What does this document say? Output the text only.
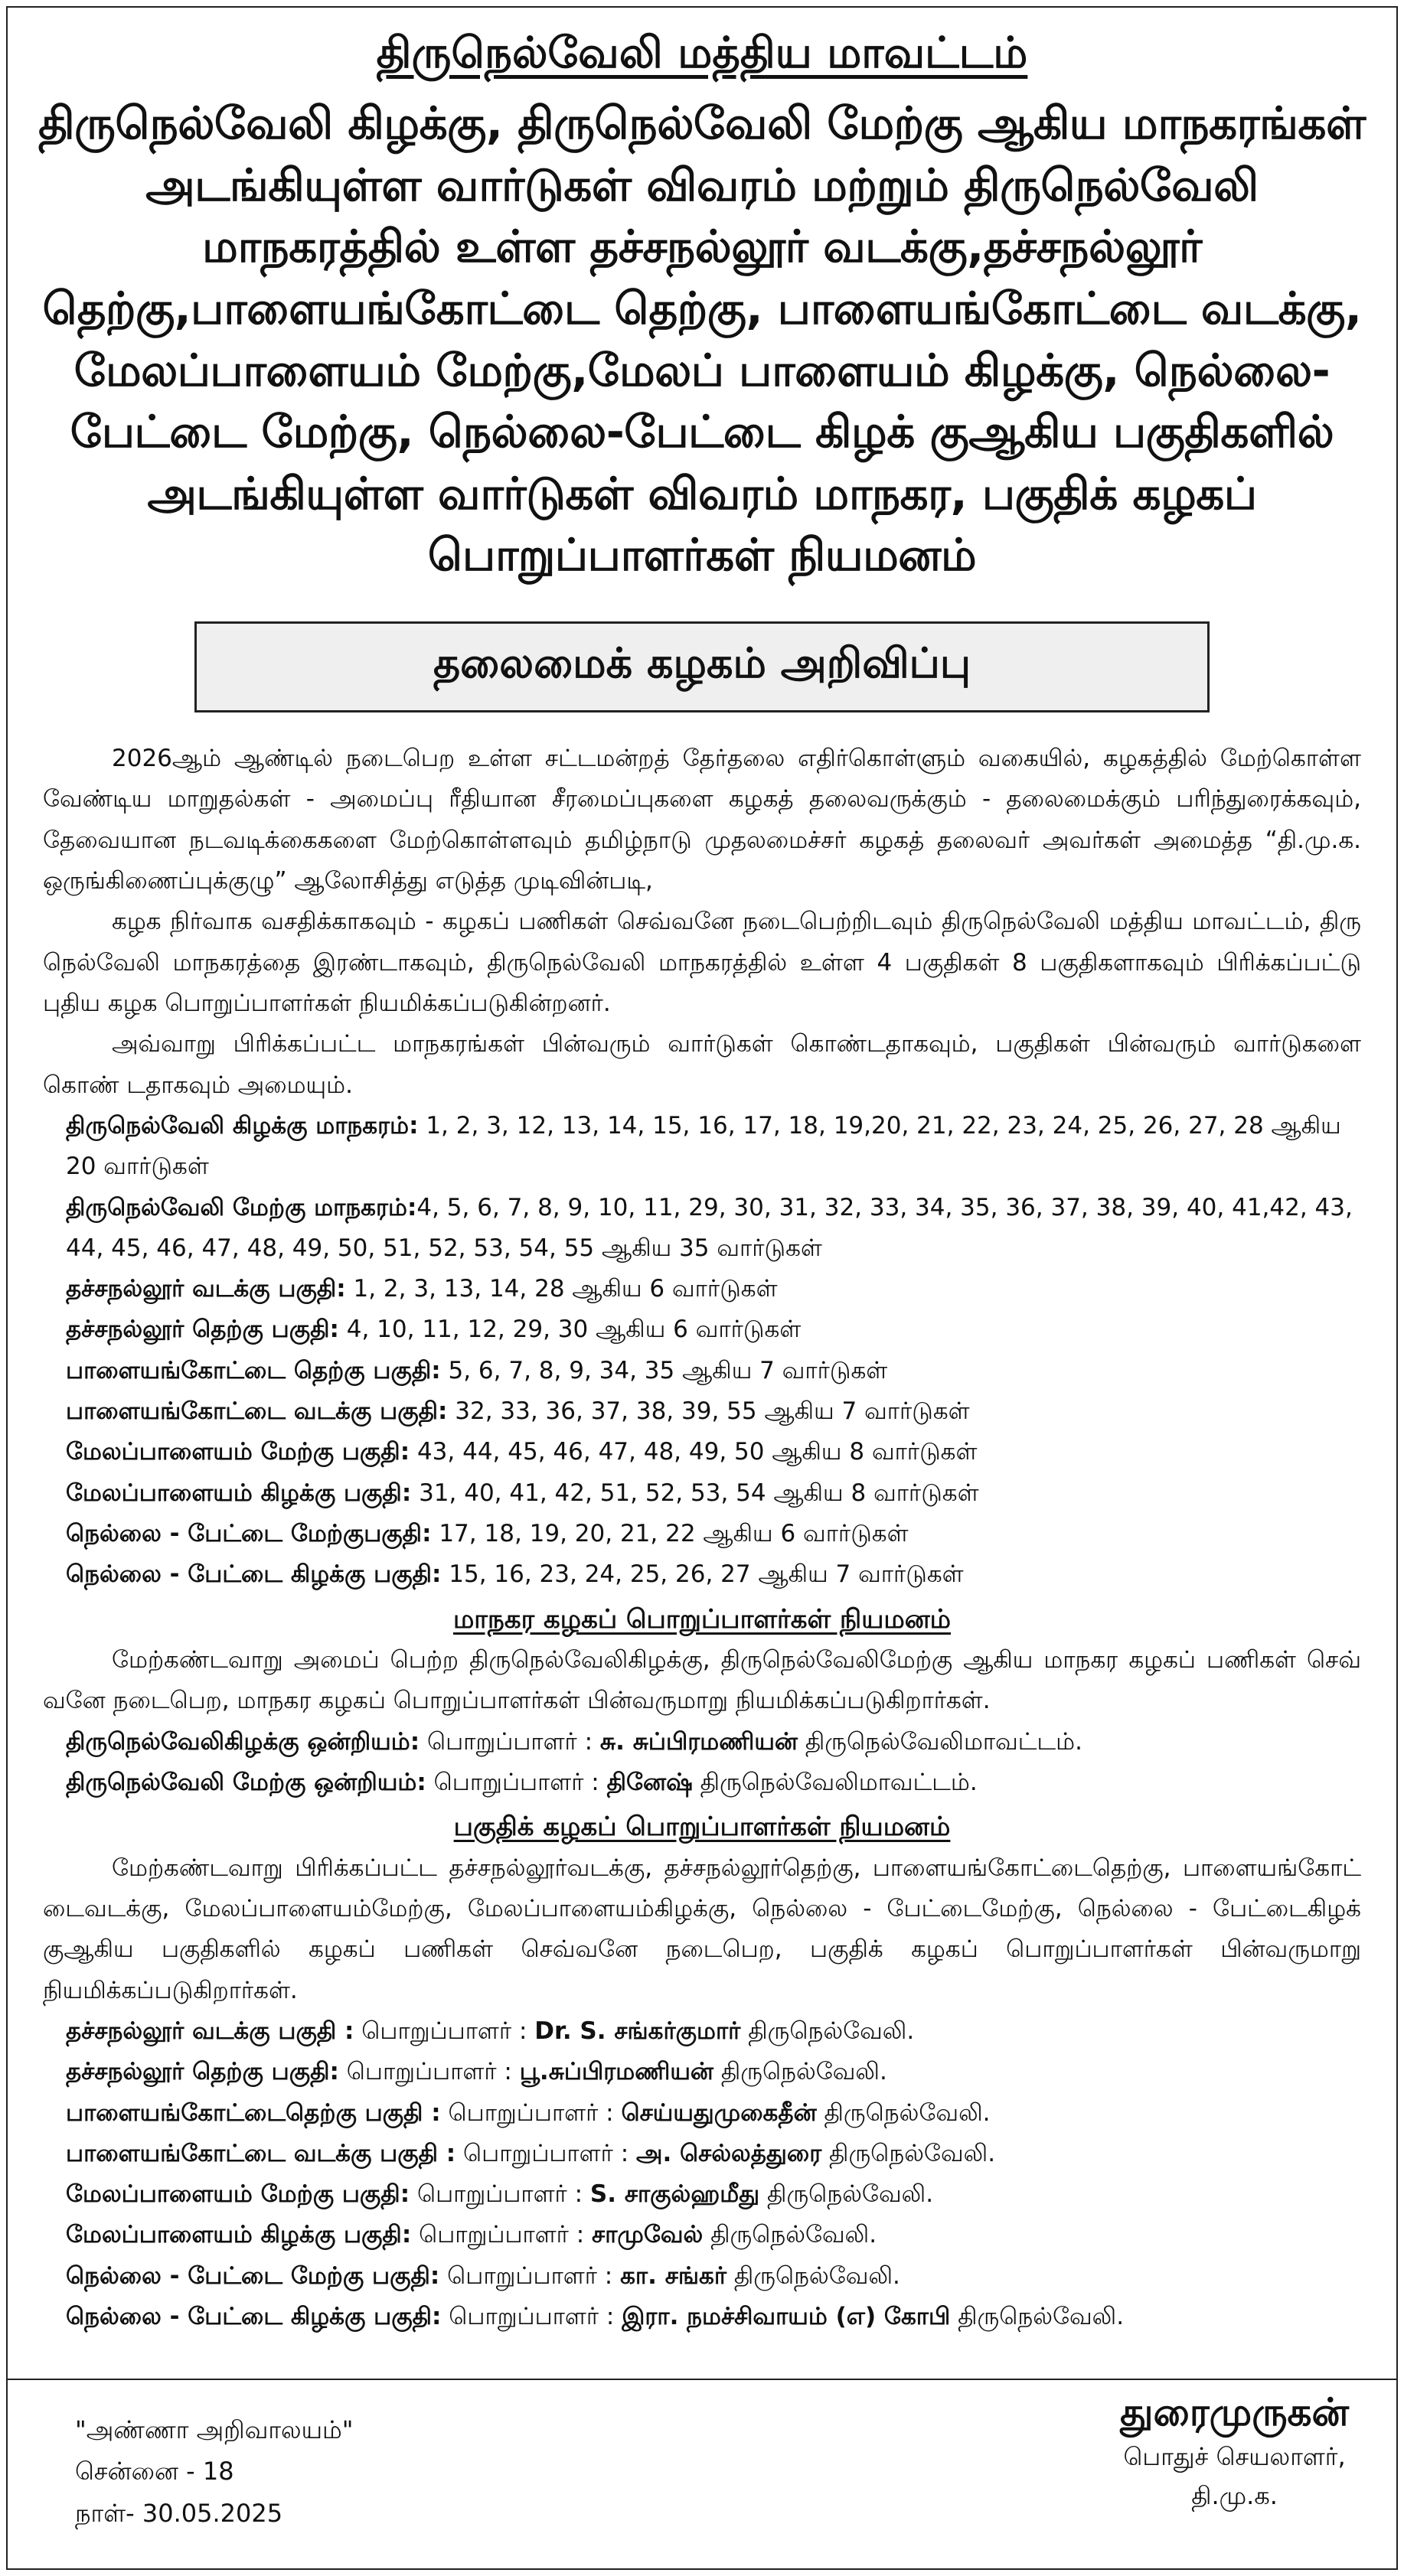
திருநெல்வேலி மத்திய மாவட்டம்
திருநெல்வேலி கிழக்கு, திருநெல்வேலி மேற்கு ஆகிய மாநகரங்கள் அடங்கியுள்ள வார்டுகள் விவரம் மற்றும் திருநெல்வேலி மாநகரத்தில் உள்ள தச்சநல்லூர் வடக்கு,தச்சநல்லூர் தெற்கு,பாளையங்கோட்டை தெற்கு, பாளையங்கோட்டை வடக்கு, மேலப்பாளையம் மேற்கு,மேலப் பாளையம் கிழக்கு, நெல்லை-பேட்டை மேற்கு, நெல்லை-பேட்டை கிழக் குஆகிய பகுதிகளில் அடங்கியுள்ள வார்டுகள் விவரம் மாநகர, பகுதிக் கழகப் பொறுப்பாளர்கள் நியமனம்
தலைமைக் கழகம் அறிவிப்பு

2026ஆம் ஆண்டில் நடைபெற உள்ள சட்டமன்றத் தேர்தலை எதிர்கொள்ளும் வகையில், கழகத்தில் மேற்கொள்ள வேண்டிய மாறுதல்கள் - அமைப்பு ரீதியான சீரமைப்புகளை கழகத் தலைவருக்கும் - தலைமைக்கும் பரிந்துரைக்கவும், தேவையான நடவடிக்கைகளை மேற்கொள்ளவும் தமிழ்நாடு முதலமைச்சர் கழகத் தலைவர் அவர்கள் அமைத்த “தி.மு.க. ஒருங்கிணைப்புக்குழு” ஆலோசித்து எடுத்த முடிவின்படி,

கழக நிர்வாக வசதிக்காகவும் - கழகப் பணிகள் செவ்வனே நடைபெற்றிடவும் திருநெல்வேலி மத்திய மாவட்டம், திரு நெல்வேலி மாநகரத்தை இரண்டாகவும், திருநெல்வேலி மாநகரத்தில் உள்ள 4 பகுதிகள் 8 பகுதிகளாகவும் பிரிக்கப்பட்டு புதிய கழக பொறுப்பாளர்கள் நியமிக்கப்படுகின்றனர்.

அவ்வாறு பிரிக்கப்பட்ட மாநகரங்கள் பின்வரும் வார்டுகள் கொண்டதாகவும், பகுதிகள் பின்வரும் வார்டுகளை கொண் டதாகவும் அமையும்.

திருநெல்வேலி கிழக்கு மாநகரம்: 1, 2, 3, 12, 13, 14, 15, 16, 17, 18, 19,20, 21, 22, 23, 24, 25, 26, 27, 28 ஆகிய 20 வார்டுகள்

திருநெல்வேலி மேற்கு மாநகரம்:4, 5, 6, 7, 8, 9, 10, 11, 29, 30, 31, 32, 33, 34, 35, 36, 37, 38, 39, 40, 41,42, 43, 44, 45, 46, 47, 48, 49, 50, 51, 52, 53, 54, 55 ஆகிய 35 வார்டுகள்

தச்சநல்லூர் வடக்கு பகுதி: 1, 2, 3, 13, 14, 28 ஆகிய 6 வார்டுகள்

தச்சநல்லூர் தெற்கு பகுதி: 4, 10, 11, 12, 29, 30 ஆகிய 6 வார்டுகள்

பாளையங்கோட்டை தெற்கு பகுதி: 5, 6, 7, 8, 9, 34, 35 ஆகிய 7 வார்டுகள்

பாளையங்கோட்டை வடக்கு பகுதி: 32, 33, 36, 37, 38, 39, 55 ஆகிய 7 வார்டுகள்

மேலப்பாளையம் மேற்கு பகுதி: 43, 44, 45, 46, 47, 48, 49, 50 ஆகிய 8 வார்டுகள்

மேலப்பாளையம் கிழக்கு பகுதி: 31, 40, 41, 42, 51, 52, 53, 54 ஆகிய 8 வார்டுகள்

நெல்லை - பேட்டை மேற்குபகுதி: 17, 18, 19, 20, 21, 22 ஆகிய 6 வார்டுகள்

நெல்லை - பேட்டை கிழக்கு பகுதி: 15, 16, 23, 24, 25, 26, 27 ஆகிய 7 வார்டுகள்

மாநகர கழகப் பொறுப்பாளர்கள் நியமனம்

மேற்கண்டவாறு அமைப் பெற்ற திருநெல்வேலிகிழக்கு, திருநெல்வேலிமேற்கு ஆகிய மாநகர கழகப் பணிகள் செவ் வனே நடைபெற, மாநகர கழகப் பொறுப்பாளர்கள் பின்வருமாறு நியமிக்கப்படுகிறார்கள்.

திருநெல்வேலிகிழக்கு ஒன்றியம்: பொறுப்பாளர் : சு. சுப்பிரமணியன் திருநெல்வேலிமாவட்டம்.

திருநெல்வேலி மேற்கு ஒன்றியம்: பொறுப்பாளர் : தினேஷ் திருநெல்வேலிமாவட்டம்.

பகுதிக் கழகப் பொறுப்பாளர்கள் நியமனம்

மேற்கண்டவாறு பிரிக்கப்பட்ட தச்சநல்லூர்வடக்கு, தச்சநல்லூர்தெற்கு, பாளையங்கோட்டைதெற்கு, பாளையங்கோட் டைவடக்கு, மேலப்பாளையம்மேற்கு, மேலப்பாளையம்கிழக்கு, நெல்லை - பேட்டைமேற்கு, நெல்லை - பேட்டைகிழக் குஆகிய பகுதிகளில் கழகப் பணிகள் செவ்வனே நடைபெற, பகுதிக் கழகப் பொறுப்பாளர்கள் பின்வருமாறு நியமிக்கப்படுகிறார்கள்.

தச்சநல்லூர் வடக்கு பகுதி : பொறுப்பாளர் : Dr. S. சங்கர்குமார் திருநெல்வேலி.

தச்சநல்லூர் தெற்கு பகுதி: பொறுப்பாளர் : பூ.சுப்பிரமணியன் திருநெல்வேலி.

பாளையங்கோட்டைதெற்கு பகுதி : பொறுப்பாளர் : செய்யதுமுகைதீன் திருநெல்வேலி.

பாளையங்கோட்டை வடக்கு பகுதி : பொறுப்பாளர் : அ. செல்லத்துரை திருநெல்வேலி.

மேலப்பாளையம் மேற்கு பகுதி: பொறுப்பாளர் : S. சாகுல்ஹமீது திருநெல்வேலி.

மேலப்பாளையம் கிழக்கு பகுதி: பொறுப்பாளர் : சாமுவேல் திருநெல்வேலி.

நெல்லை - பேட்டை மேற்கு பகுதி: பொறுப்பாளர் : கா. சங்கர் திருநெல்வேலி.

நெல்லை - பேட்டை கிழக்கு பகுதி: பொறுப்பாளர் : இரா. நமச்சிவாயம் (எ) கோபி திருநெல்வேலி.

"அண்ணா அறிவாலயம்"
சென்னை - 18
நாள்- 30.05.2025
துரைமுருகன்
பொதுச் செயலாளர்,
தி.மு.க.
